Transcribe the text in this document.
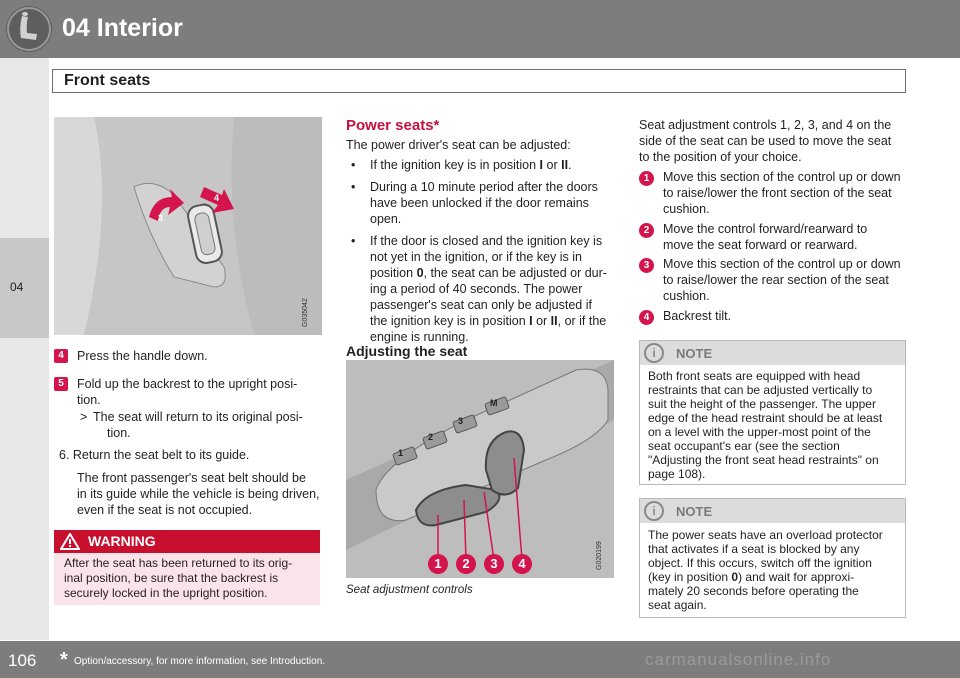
04 Interior
Front seats
04
3
4
G035042
4	Press the handle down.
5	Fold up the backrest to the upright posi-
tion.
> The seat will return to its original posi-
tion.
6. Return the seat belt to its guide.
The front passenger's seat belt should be
in its guide while the vehicle is being driven,
even if the seat is not occupied.
WARNING
After the seat has been returned to its orig-
inal position, be sure that the backrest is
securely locked in the upright position.
Power seats*
The power driver's seat can be adjusted:
• If the ignition key is in position I or II.
• During a 10 minute period after the doors
have been unlocked if the door remains
open.
• If the door is closed and the ignition key is
not yet in the ignition, or if the key is in
position 0, the seat can be adjusted or dur-
ing a period of 40 seconds. The power
passenger's seat can only be adjusted if
the ignition key is in position I or II, or if the
engine is running.
Adjusting the seat
1	2	3	4
1
2
3
M
G020199
Seat adjustment controls
Seat adjustment controls 1, 2, 3, and 4 on the
side of the seat can be used to move the seat
to the position of your choice.
1	Move this section of the control up or down
to raise/lower the front section of the seat
cushion.
2	Move the control forward/rearward to
move the seat forward or rearward.
3	Move this section of the control up or down
to raise/lower the rear section of the seat
cushion.
4	Backrest tilt.
i	NOTE
Both front seats are equipped with head
restraints that can be adjusted vertically to
suit the height of the passenger. The upper
edge of the head restraint should be at least
on a level with the upper-most point of the
seat occupant's ear (see the section
"Adjusting the front seat head restraints" on
page 108).
i	NOTE
The power seats have an overload protector
that activates if a seat is blocked by any
object. If this occurs, switch off the ignition
(key in position 0) and wait for approxi-
mately 20 seconds before operating the
seat again.
106 * Option/accessory, for more information, see Introduction.	carmanualsonline.info
